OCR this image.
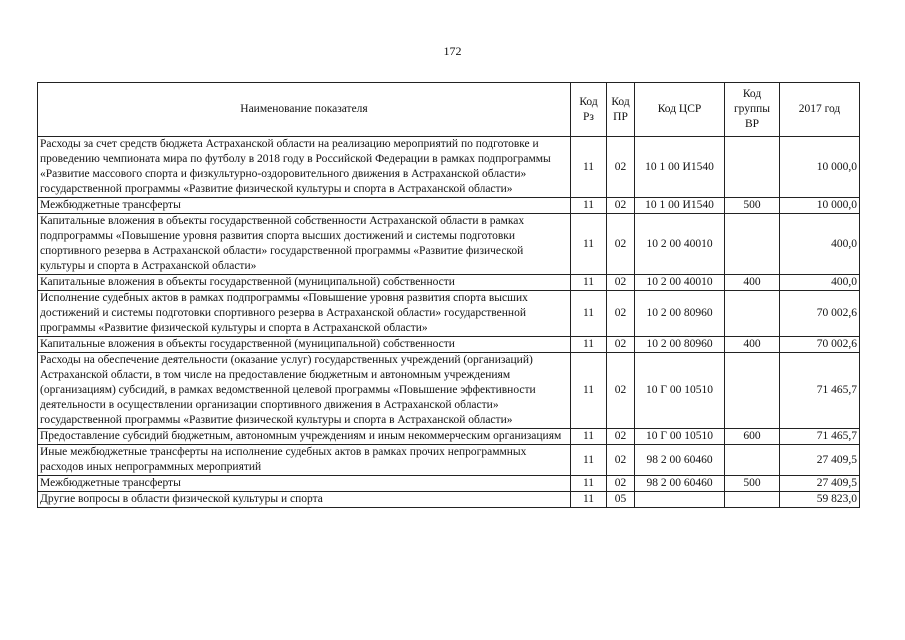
172
Наименование показателя	Код Рз	Код ПР	Код ЦСР	Код группы ВР	2017 год
Расходы за счет средств бюджета Астраханской области на реализацию мероприятий по подготовке и проведению чемпионата мира по футболу в 2018 году в Российской Федерации в рамках подпрограммы «Развитие массового спорта и физкультурно-оздоровительного движения в Астраханской области» государственной программы «Развитие физической культуры и спорта в Астраханской области»	11	02	10 1 00 И1540		10 000,0
Межбюджетные трансферты	11	02	10 1 00 И1540	500	10 000,0
Капитальные вложения в объекты государственной собственности Астраханской области в рамках подпрограммы «Повышение уровня развития спорта высших достижений и системы подготовки спортивного резерва в Астраханской области» государственной программы «Развитие физической культуры и спорта в Астраханской области»	11	02	10 2 00 40010		400,0
Капитальные вложения в объекты государственной (муниципальной) собственности	11	02	10 2 00 40010	400	400,0
Исполнение судебных актов в рамках подпрограммы «Повышение уровня развития спорта высших достижений и системы подготовки спортивного резерва в Астраханской области» государственной программы «Развитие физической культуры и спорта в Астраханской области»	11	02	10 2 00 80960		70 002,6
Капитальные вложения в объекты государственной (муниципальной) собственности	11	02	10 2 00 80960	400	70 002,6
Расходы на обеспечение деятельности (оказание услуг) государственных учреждений (организаций) Астраханской области, в том числе на предоставление бюджетным и автономным учреждениям (организациям) субсидий, в рамках ведомственной целевой программы «Повышение эффективности деятельности в осуществлении организации спортивного движения в Астраханской области» государственной программы «Развитие физической культуры и спорта в Астраханской области»	11	02	10 Г 00 10510		71 465,7
Предоставление субсидий бюджетным, автономным учреждениям и иным некоммерческим организациям	11	02	10 Г 00 10510	600	71 465,7
Иные межбюджетные трансферты на исполнение судебных актов в рамках прочих непрограммных расходов иных непрограммных мероприятий	11	02	98 2 00 60460		27 409,5
Межбюджетные трансферты	11	02	98 2 00 60460	500	27 409,5
Другие вопросы в области физической культуры и спорта	11	05			59 823,0
